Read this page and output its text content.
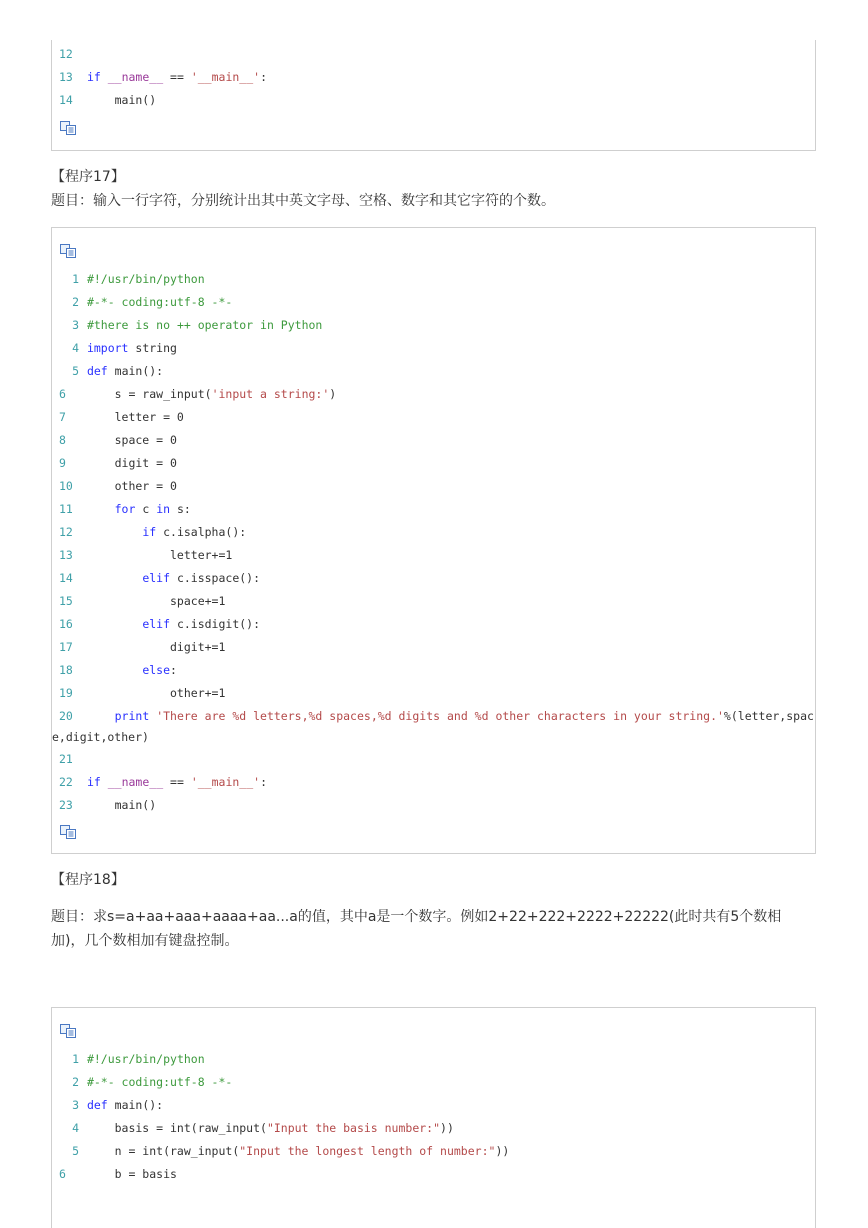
12
13 if __name__ == '__main__':
14     main()
【程序17】
题目：输入一行字符，分别统计出其中英文字母、空格、数字和其它字符的个数。
1 #!/usr/bin/python
2 #-*- coding:utf-8 -*-
3 #there is no ++ operator in Python
4 import string
5 def main():
6     s = raw_input('input a string:')
7     letter = 0
8     space = 0
9     digit = 0
10     other = 0
11	for c in s:
12	if c.isalpha():
13             letter+=1
14	elif c.isspace():
15             space+=1
16	elif c.isdigit():
17             digit+=1
18	else:
19             other+=1
20	print 'There are %d letters,%d spaces,%d digits and %d other characters in your string.'%(letter,space,digit,other)
21
22 if __name__ == '__main__':
23     main()
【程序18】
题目：求s=a+aa+aaa+aaaa+aa...a的值，其中a是一个数字。例如2+22+222+2222+22222(此时共有5个数相加)，几个数相加有键盘控制。
1 #!/usr/bin/python
2 #-*- coding:utf-8 -*-
3 def main():
4     basis = int(raw_input("Input the basis number:"))
5     n = int(raw_input("Input the longest length of number:"))
6     b = basis
